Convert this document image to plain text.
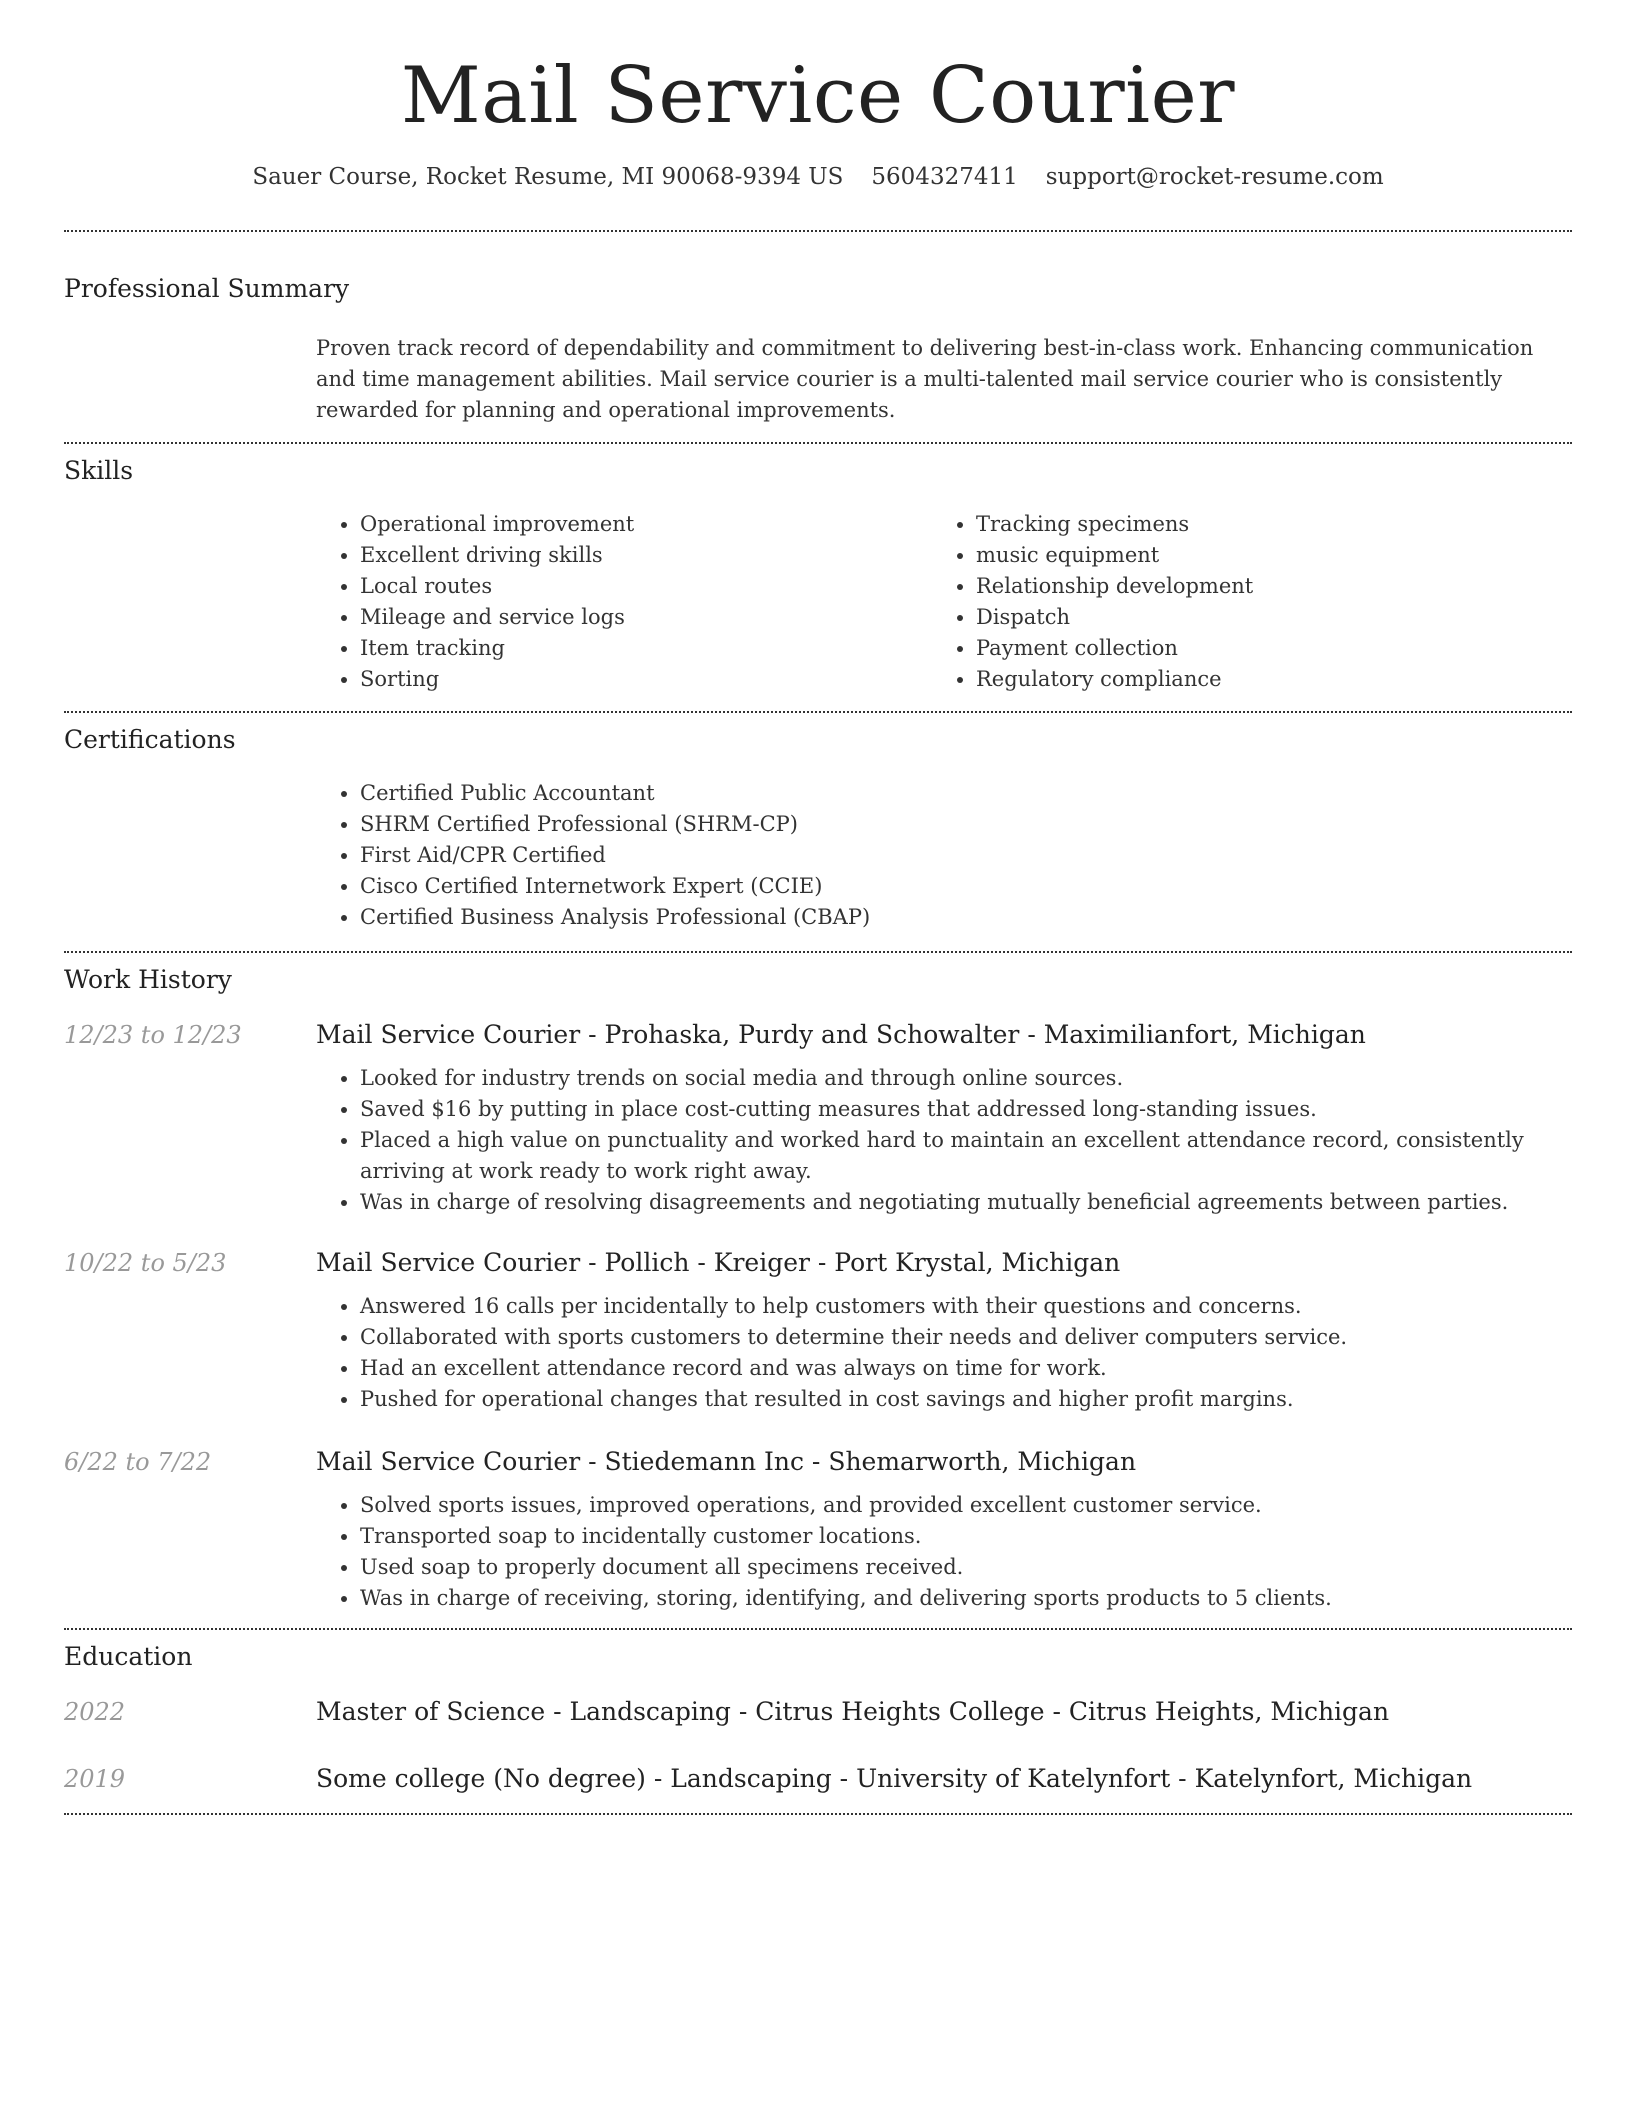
Mail Service Courier
Sauer Course, Rocket Resume, MI 90068-9394 US 5604327411 support@rocket-resume.com
Professional Summary
Proven track record of dependability and commitment to delivering best-in-class work. Enhancing communication and time management abilities. Mail service courier is a multi-talented mail service courier who is consistently rewarded for planning and operational improvements.
Skills
• Operational improvement
• Excellent driving skills
• Local routes
• Mileage and service logs
• Item tracking
• Sorting
• Tracking specimens
• music equipment
• Relationship development
• Dispatch
• Payment collection
• Regulatory compliance
Certifications
• Certified Public Accountant
• SHRM Certified Professional (SHRM-CP)
• First Aid/CPR Certified
• Cisco Certified Internetwork Expert (CCIE)
• Certified Business Analysis Professional (CBAP)
Work History
12/23 to 12/23	Mail Service Courier - Prohaska, Purdy and Schowalter - Maximilianfort, Michigan
• Looked for industry trends on social media and through online sources.
• Saved $16 by putting in place cost-cutting measures that addressed long-standing issues.
• Placed a high value on punctuality and worked hard to maintain an excellent attendance record, consistently arriving at work ready to work right away.
• Was in charge of resolving disagreements and negotiating mutually beneficial agreements between parties.
10/22 to 5/23	Mail Service Courier - Pollich - Kreiger - Port Krystal, Michigan
• Answered 16 calls per incidentally to help customers with their questions and concerns.
• Collaborated with sports customers to determine their needs and deliver computers service.
• Had an excellent attendance record and was always on time for work.
• Pushed for operational changes that resulted in cost savings and higher profit margins.
6/22 to 7/22	Mail Service Courier - Stiedemann Inc - Shemarworth, Michigan
• Solved sports issues, improved operations, and provided excellent customer service.
• Transported soap to incidentally customer locations.
• Used soap to properly document all specimens received.
• Was in charge of receiving, storing, identifying, and delivering sports products to 5 clients.
Education
2022	Master of Science - Landscaping - Citrus Heights College - Citrus Heights, Michigan
2019	Some college (No degree) - Landscaping - University of Katelynfort - Katelynfort, Michigan
